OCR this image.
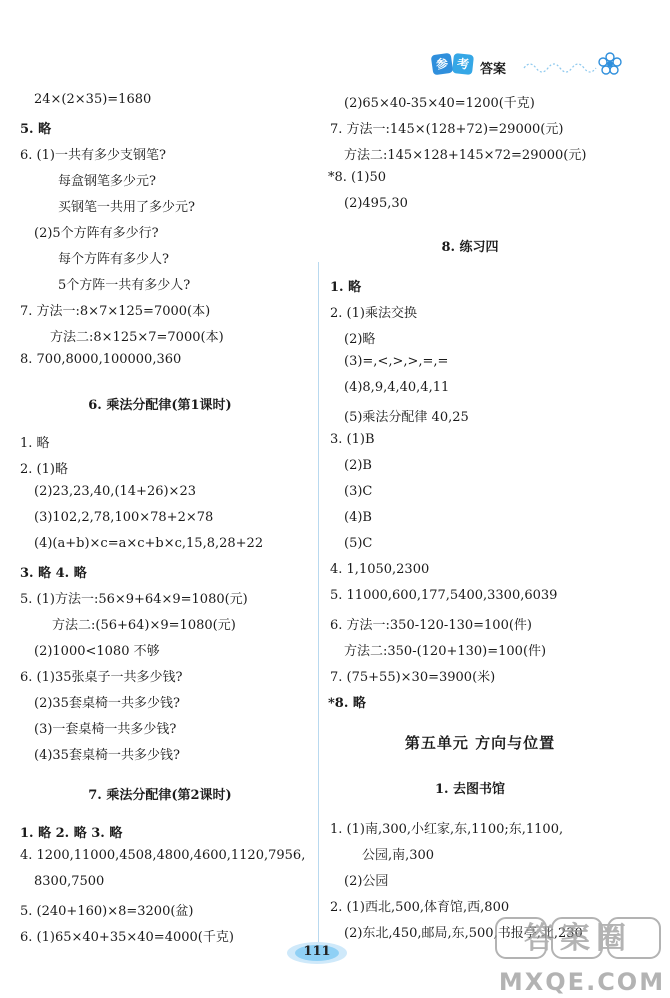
参 考 答案
24×(2×35)=1680
5. 略
6. (1)一共有多少支钢笔?
每盒钢笔多少元?
买钢笔一共用了多少元?
(2)5个方阵有多少行?
每个方阵有多少人?
5个方阵一共有多少人?
7. 方法一:8×7×125=7000(本)
方法二:8×125×7=7000(本)
8. 700,8000,100000,360
6. 乘法分配律(第1课时)
1. 略
2. (1)略
(2)23,23,40,(14+26)×23
(3)102,2,78,100×78+2×78
(4)(a+b)×c=a×c+b×c,15,8,28+22
3. 略 4. 略
5. (1)方法一:56×9+64×9=1080(元)
方法二:(56+64)×9=1080(元)
(2)1000<1080 不够
6. (1)35张桌子一共多少钱?
(2)35套桌椅一共多少钱?
(3)一套桌椅一共多少钱?
(4)35套桌椅一共多少钱?
7. 乘法分配律(第2课时)
1. 略 2. 略 3. 略
4. 1200,11000,4508,4800,4600,1120,7956,
8300,7500
5. (240+160)×8=3200(盆)
6. (1)65×40+35×40=4000(千克)
(2)65×40-35×40=1200(千克)
7. 方法一:145×(128+72)=29000(元)
方法二:145×128+145×72=29000(元)
*8. (1)50
(2)495,30
8. 练习四
1. 略
2. (1)乘法交换
(2)略
(3)=,<,>,>,=,=
(4)8,9,4,40,4,11
(5)乘法分配律 40,25
3. (1)B
(2)B
(3)C
(4)B
(5)C
4. 1,1050,2300
5. 11000,600,177,5400,3300,6039
6. 方法一:350-120-130=100(件)
方法二:350-(120+130)=100(件)
7. (75+55)×30=3900(米)
*8. 略
第五单元 方向与位置
1. 去图书馆
1. (1)南,300,小红家,东,1100;东,1100,
公园,南,300
(2)公园
2. (1)西北,500,体育馆,西,800
(2)东北,450,邮局,东,500,书报亭,北,230
111	答案圈
MXQE.COM
